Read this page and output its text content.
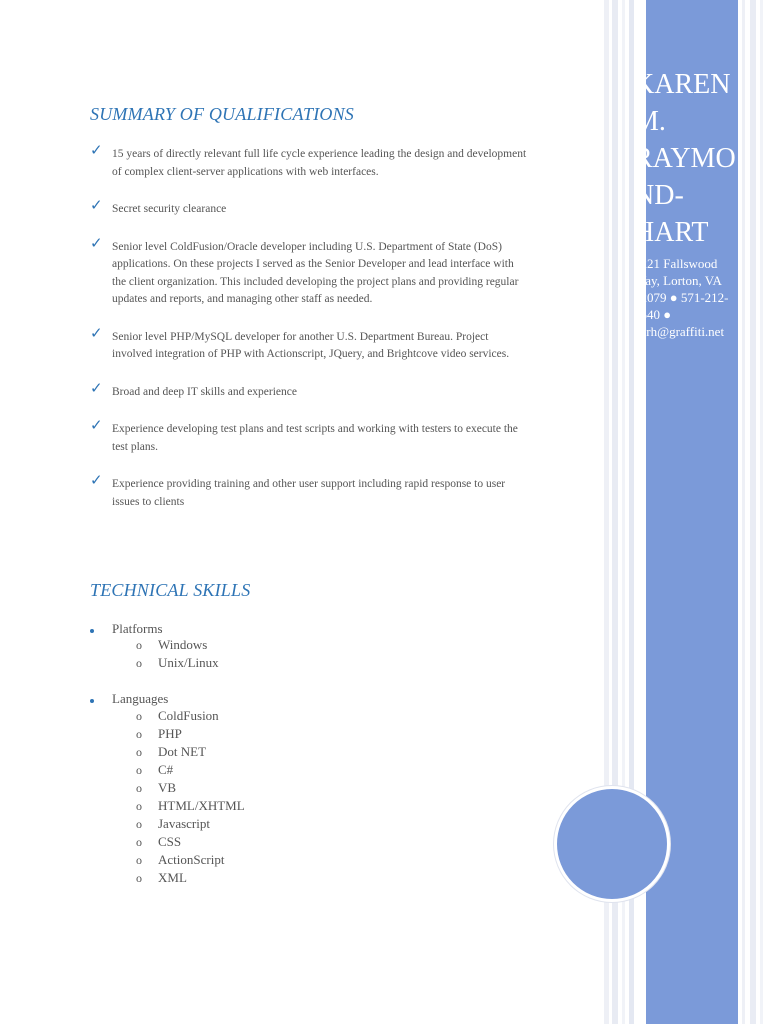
KAREN
M.
RAYMO
ND-
HART
8221 Fallswood
Way, Lorton, VA
22079 ● 571-212-
2540 ●
karh@graffiti.net
SUMMARY OF QUALIFICATIONS
✓ 15 years of directly relevant full life cycle experience leading the design and development of complex client-server applications with web interfaces.
✓ Secret security clearance
✓ Senior level ColdFusion/Oracle developer including U.S. Department of State (DoS) applications. On these projects I served as the Senior Developer and lead interface with the client organization. This included developing the project plans and providing regular updates and reports, and managing other staff as needed.
✓ Senior level PHP/MySQL developer for another U.S. Department Bureau. Project involved integration of PHP with Actionscript, JQuery, and Brightcove video services.
✓ Broad and deep IT skills and experience
✓ Experience developing test plans and test scripts and working with testers to execute the test plans.
✓ Experience providing training and other user support including rapid response to user issues to clients
TECHNICAL SKILLS
Platforms
o Windows
o Unix/Linux
Languages
o ColdFusion
o PHP
o Dot NET
o C#
o VB
o HTML/XHTML
o Javascript
o CSS
o ActionScript
o XML
